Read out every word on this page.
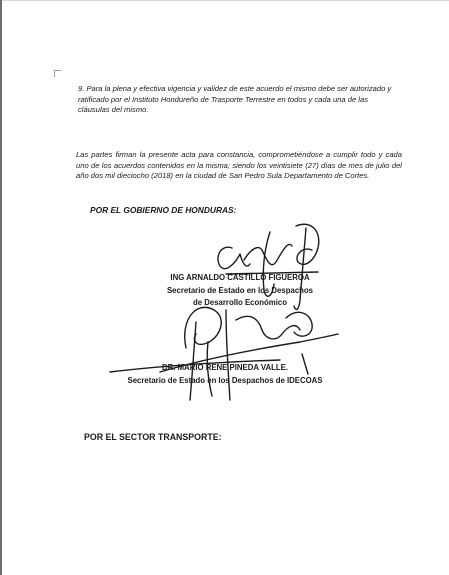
9. Para la plena y efectiva vigencia y validez de este acuerdo el mismo debe ser autorizado y ratificado por el Instituto Hondureño de Trasporte Terrestre en todos y cada una de las cláusulas del mismo.

Las partes firman la presente acta para constancia, comprometiéndose a cumplir todo y cada uno de los acuerdos contenidos en la misma; siendo los veintisiete (27) días de mes de julio del año dos mil dieciocho (2018) en la ciudad de San Pedro Sula Departamento de Cortes.

POR EL GOBIERNO DE HONDURAS:

ING ARNALDO CASTILLO FIGUEROA
Secretario de Estado en los Despachos
de Desarrollo Económico
DR. MARIO RENE PINEDA VALLE.
Secretario de Estado en los Despachos de IDECOAS

POR EL SECTOR TRANSPORTE:
